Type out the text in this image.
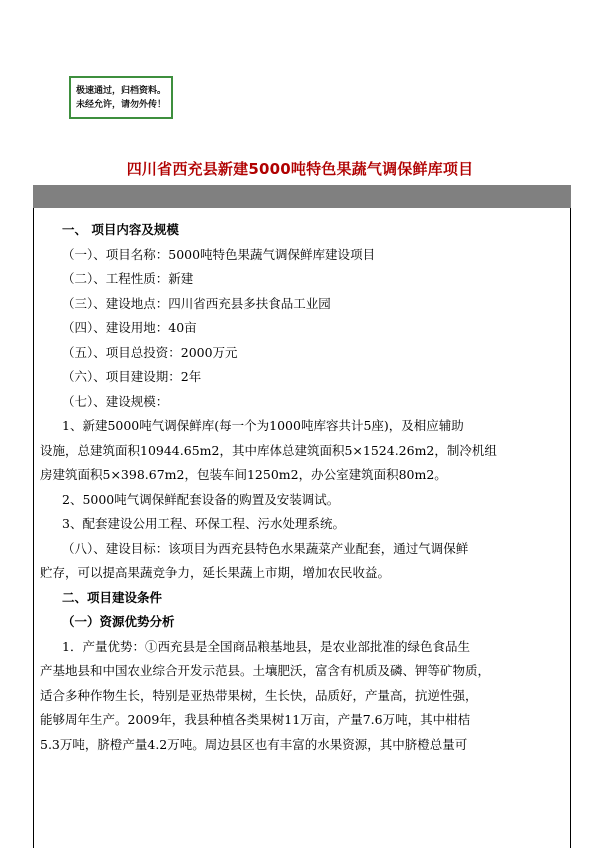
极速通过，归档资料。
未经允许，请勿外传！
四川省西充县新建5000吨特色果蔬气调保鲜库项目
一、 项目内容及规模
（一）、项目名称：5000吨特色果蔬气调保鲜库建设项目
（二）、工程性质：新建
（三）、建设地点：四川省西充县多扶食品工业园
（四）、建设用地：40亩
（五）、项目总投资：2000万元
（六）、项目建设期：2年
（七）、建设规模：
1、新建5000吨气调保鲜库(每一个为1000吨库容共计5座)，及相应辅助
设施，总建筑面积10944.65m2，其中库体总建筑面积5×1524.26m2，制冷机组
房建筑面积5×398.67m2，包装车间1250m2，办公室建筑面积80m2。
2、5000吨气调保鲜配套设备的购置及安装调试。
3、配套建设公用工程、环保工程、污水处理系统。
（八）、建设目标：该项目为西充县特色水果蔬菜产业配套，通过气调保鲜
贮存，可以提高果蔬竞争力，延长果蔬上市期，增加农民收益。
二、项目建设条件
（一）资源优势分析
1．产量优势：①西充县是全国商品粮基地县，是农业部批准的绿色食品生
产基地县和中国农业综合开发示范县。土壤肥沃，富含有机质及磷、钾等矿物质，
适合多种作物生长，特别是亚热带果树，生长快，品质好，产量高，抗逆性强，
能够周年生产。2009年，我县种植各类果树11万亩，产量7.6万吨，其中柑桔
5.3万吨，脐橙产量4.2万吨。周边县区也有丰富的水果资源，其中脐橙总量可
